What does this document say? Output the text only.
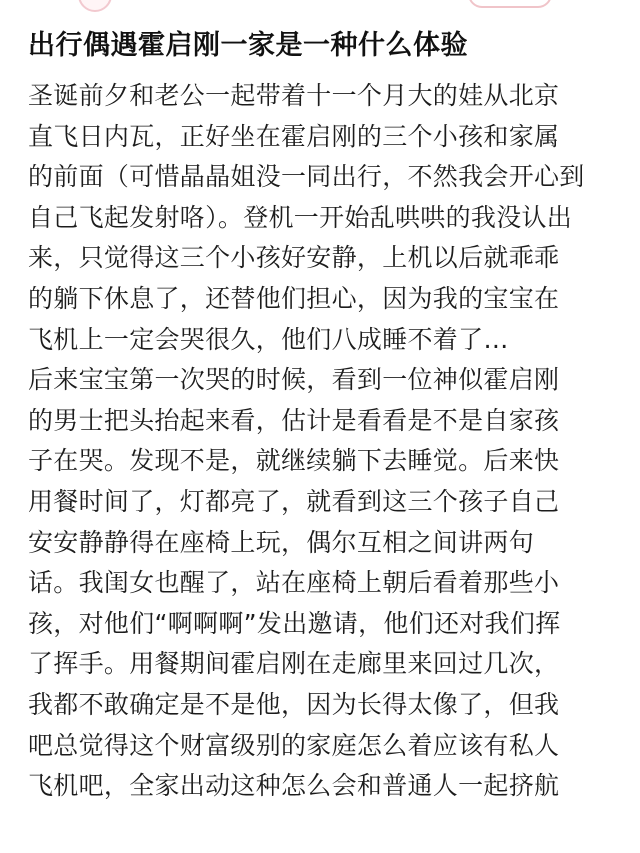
出行偶遇霍启刚一家是一种什么体验
圣诞前夕和老公一起带着十一个月大的娃从北京
直飞日内瓦，正好坐在霍启刚的三个小孩和家属
的前面（可惜晶晶姐没一同出行，不然我会开心到
自己飞起发射咯）。登机一开始乱哄哄的我没认出
来，只觉得这三个小孩好安静，上机以后就乖乖
的躺下休息了，还替他们担心，因为我的宝宝在
飞机上一定会哭很久，他们八成睡不着了…
后来宝宝第一次哭的时候，看到一位神似霍启刚
的男士把头抬起来看，估计是看看是不是自家孩
子在哭。发现不是，就继续躺下去睡觉。后来快
用餐时间了，灯都亮了，就看到这三个孩子自己
安安静静得在座椅上玩，偶尔互相之间讲两句
话。我闺女也醒了，站在座椅上朝后看着那些小
孩，对他们“啊啊啊”发出邀请，他们还对我们挥
了挥手。用餐期间霍启刚在走廊里来回过几次，
我都不敢确定是不是他，因为长得太像了，但我
吧总觉得这个财富级别的家庭怎么着应该有私人
飞机吧，全家出动这种怎么会和普通人一起挤航
